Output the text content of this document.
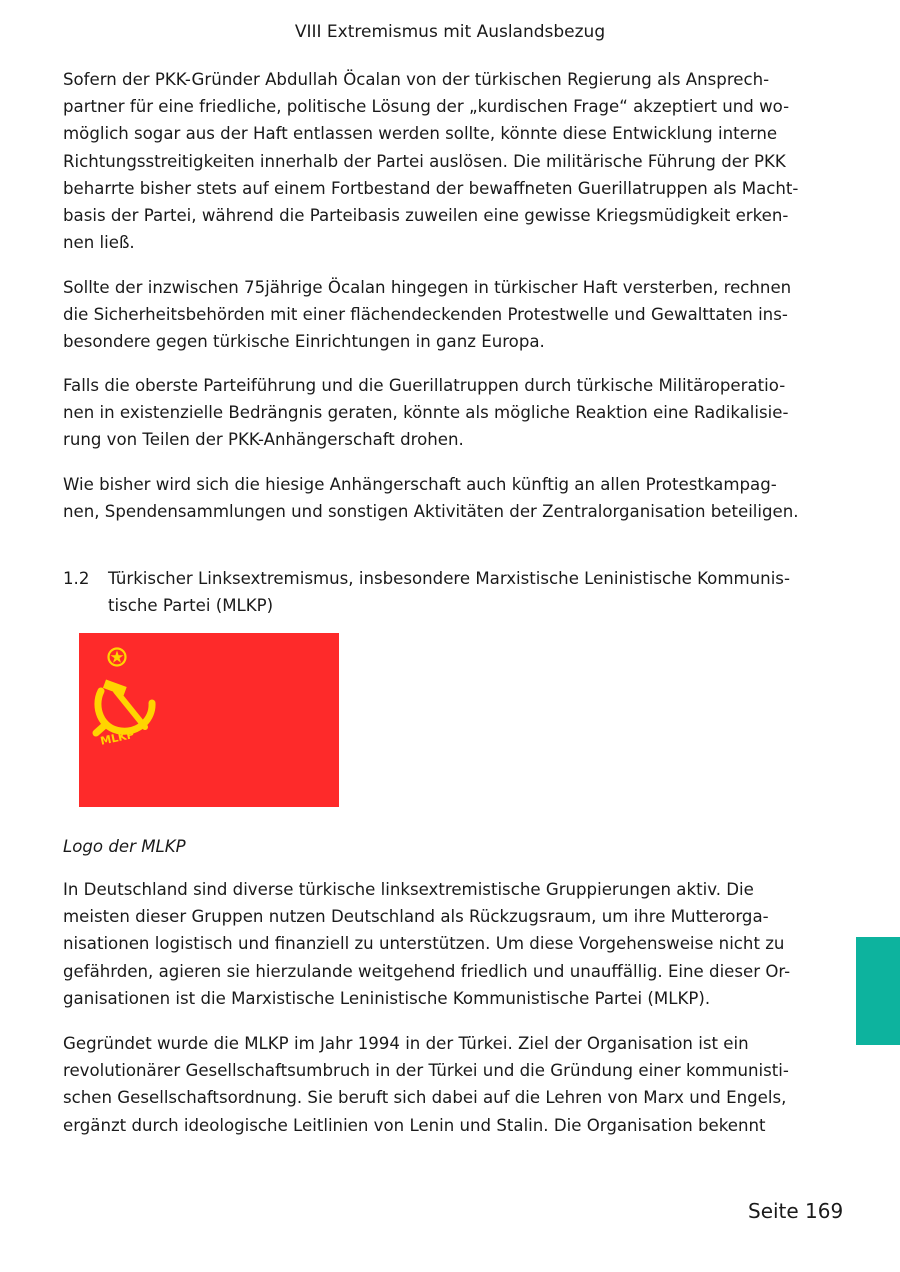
VIII Extremismus mit Auslandsbezug

Sofern der PKK-Gründer Abdullah Öcalan von der türkischen Regierung als Ansprech-
partner für eine friedliche, politische Lösung der „kurdischen Frage“ akzeptiert und wo-
möglich sogar aus der Haft entlassen werden sollte, könnte diese Entwicklung interne
Richtungsstreitigkeiten innerhalb der Partei auslösen. Die militärische Führung der PKK
beharrte bisher stets auf einem Fortbestand der bewaffneten Guerillatruppen als Macht-
basis der Partei, während die Parteibasis zuweilen eine gewisse Kriegsmüdigkeit erken-
nen ließ.

Sollte der inzwischen 75jährige Öcalan hingegen in türkischer Haft versterben, rechnen
die Sicherheitsbehörden mit einer flächendeckenden Protestwelle und Gewalttaten ins-
besondere gegen türkische Einrichtungen in ganz Europa.

Falls die oberste Parteiführung und die Guerillatruppen durch türkische Militäroperatio-
nen in existenzielle Bedrängnis geraten, könnte als mögliche Reaktion eine Radikalisie-
rung von Teilen der PKK-Anhängerschaft drohen.

Wie bisher wird sich die hiesige Anhängerschaft auch künftig an allen Protestkampag-
nen, Spendensammlungen und sonstigen Aktivitäten der Zentralorganisation beteiligen.

1.2 Türkischer Linksextremismus, insbesondere Marxistische Leninistische Kommunis-
tische Partei (MLKP)
MLKP
Logo der MLKP

In Deutschland sind diverse türkische linksextremistische Gruppierungen aktiv. Die
meisten dieser Gruppen nutzen Deutschland als Rückzugsraum, um ihre Mutterorga-
nisationen logistisch und finanziell zu unterstützen. Um diese Vorgehensweise nicht zu
gefährden, agieren sie hierzulande weitgehend friedlich und unauffällig. Eine dieser Or-
ganisationen ist die Marxistische Leninistische Kommunistische Partei (MLKP).

Gegründet wurde die MLKP im Jahr 1994 in der Türkei. Ziel der Organisation ist ein
revolutionärer Gesellschaftsumbruch in der Türkei und die Gründung einer kommunisti-
schen Gesellschaftsordnung. Sie beruft sich dabei auf die Lehren von Marx und Engels,
ergänzt durch ideologische Leitlinien von Lenin und Stalin. Die Organisation bekennt

Seite 169
